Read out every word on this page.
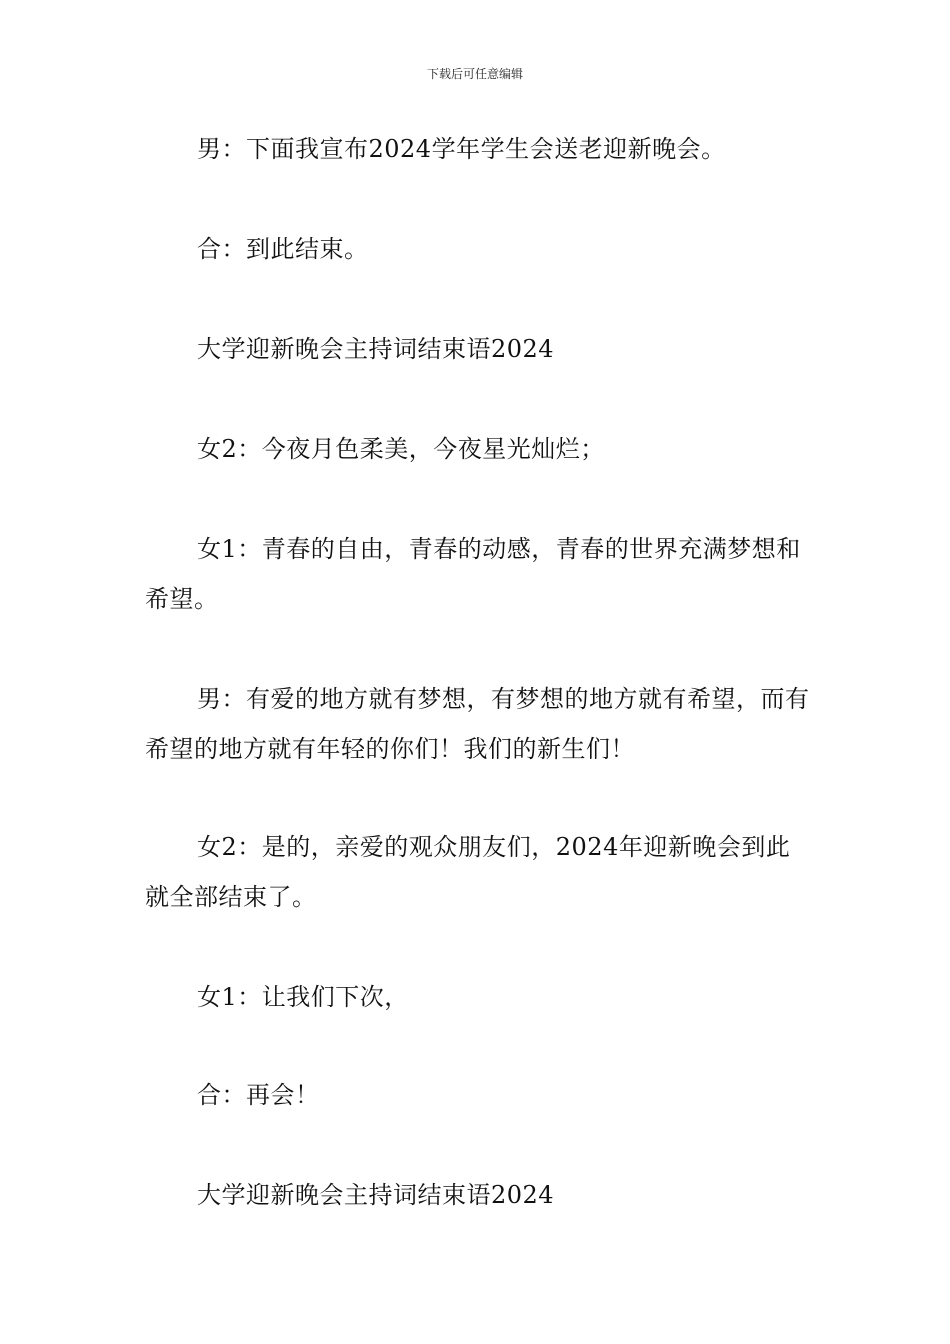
下载后可任意编辑

男：下面我宣布2024学年学生会送老迎新晚会。

合：到此结束。

大学迎新晚会主持词结束语2024

女2：今夜月色柔美，今夜星光灿烂；

女1：青春的自由，青春的动感，青春的世界充满梦想和希望。

男：有爱的地方就有梦想，有梦想的地方就有希望，而有希望的地方就有年轻的你们！我们的新生们！

女2：是的，亲爱的观众朋友们，2024年迎新晚会到此就全部结束了。

女1：让我们下次，

合：再会！

大学迎新晚会主持词结束语2024
